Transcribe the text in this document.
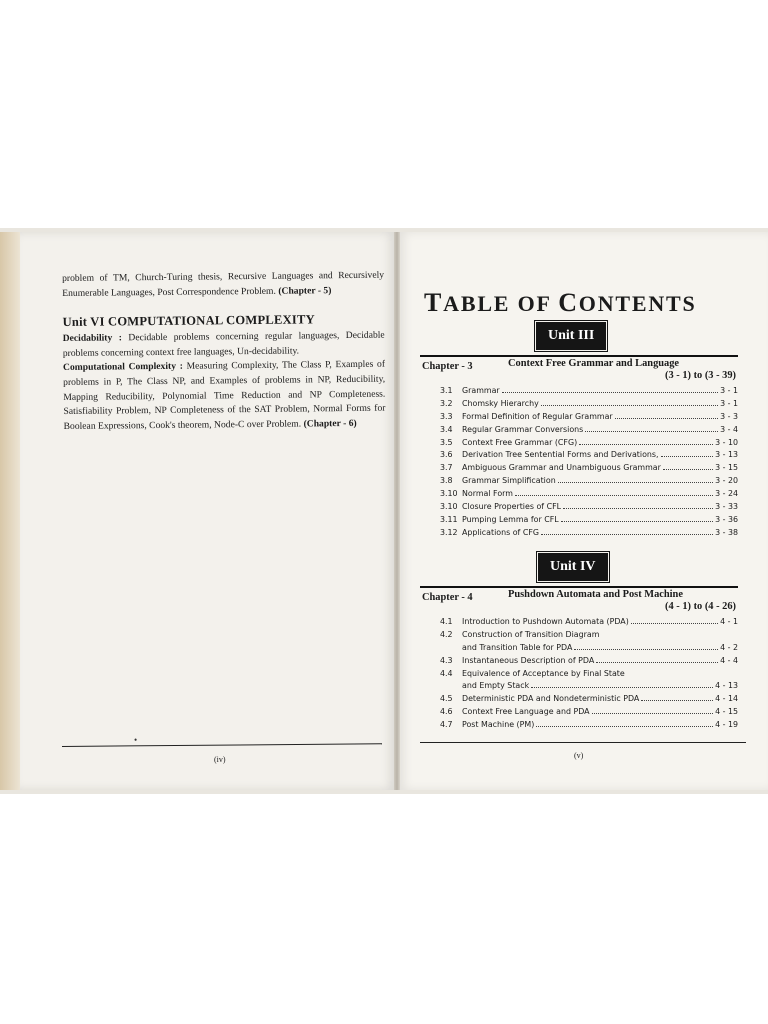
problem of TM, Church-Turing thesis, Recursive Languages and Recursively Enumerable Languages, Post Correspondence Problem. (Chapter - 5)

Unit VI COMPUTATIONAL COMPLEXITY

Decidability : Decidable problems concerning regular languages, Decidable problems concerning context free languages, Un-decidability.

Computational Complexity : Measuring Complexity, The Class P, Examples of problems in P, The Class NP, and Examples of problems in NP, Reducibility, Mapping Reducibility, Polynomial Time Reduction and NP Completeness. Satisfiability Problem, NP Completeness of the SAT Problem, Normal Forms for Boolean Expressions, Cook's theorem, Node-C over Problem. (Chapter - 6)

•
(iv)
TABLE OF CONTENTS
Unit III
Chapter - 3	Context Free Grammar and Language
(3 - 1) to (3 - 39)
3.1	Grammar	3 - 1
3.2	Chomsky Hierarchy	3 - 1
3.3	Formal Definition of Regular Grammar	3 - 3
3.4	Regular Grammar Conversions	3 - 4
3.5	Context Free Grammar (CFG)	3 - 10
3.6	Derivation Tree Sentential Forms and Derivations,	3 - 13
3.7	Ambiguous Grammar and Unambiguous Grammar	3 - 15
3.8	Grammar Simplification	3 - 20
3.10 Normal Form	3 - 24
3.10 Closure Properties of CFL	3 - 33
3.11 Pumping Lemma for CFL	3 - 36
3.12 Applications of CFG	3 - 38
Unit IV
Chapter - 4	Pushdown Automata and Post Machine
(4 - 1) to (4 - 26)
4.1	Introduction to Pushdown Automata (PDA)	4 - 1
4.2	Construction of Transition Diagram
and Transition Table for PDA	4 - 2
4.3	Instantaneous Description of PDA	4 - 4
4.4	Equivalence of Acceptance by Final State
and Empty Stack	4 - 13
4.5	Deterministic PDA and Nondeterministic PDA	4 - 14
4.6	Context Free Language and PDA	4 - 15
4.7	Post Machine (PM)	4 - 19
(v)
